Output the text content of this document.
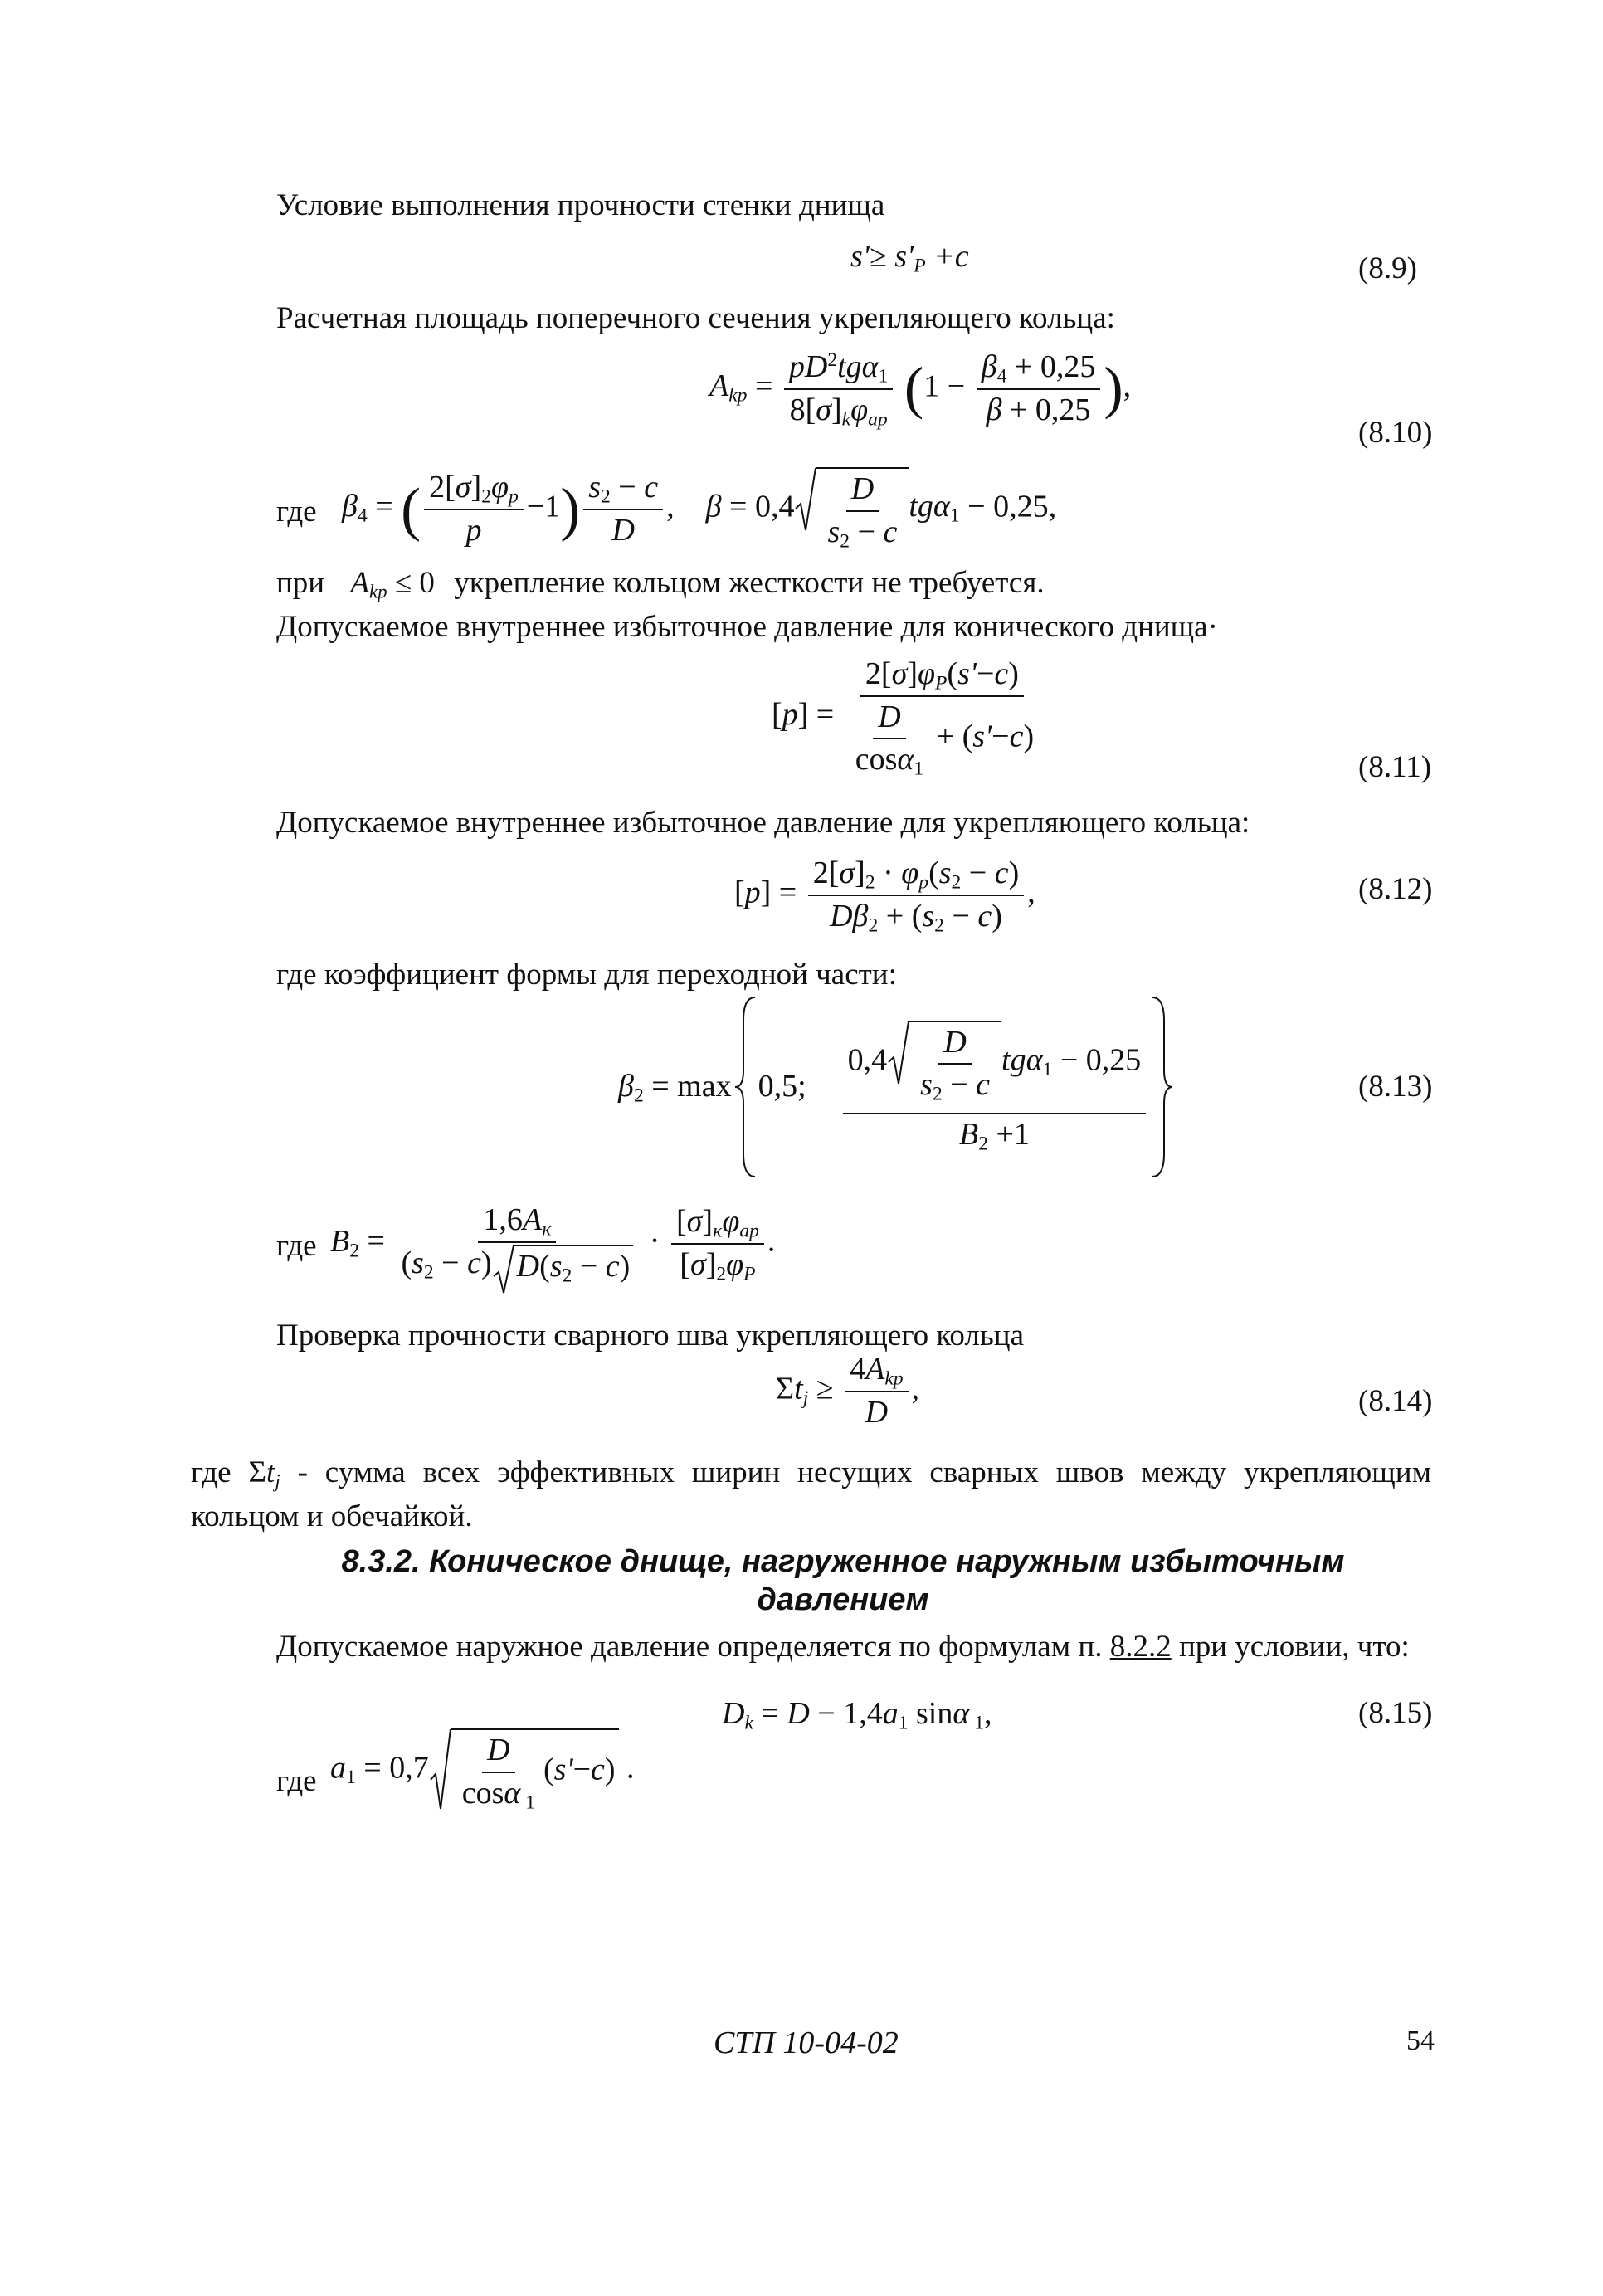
Условие выполнения прочности стенки днища
$s'\ge s'_P +c$	(8.9)
Расчетная площадь поперечного сечения укрепляющего кольца:
$A_{kp} = \frac{pD^2tg\alpha_1}{8[\sigma]_k\varphi_{ap}} (1 - \frac{\beta_4 + 0,25}{\beta + 0,25}$ ),
(8.10)
где $\beta_4$ = ( $\frac{2[\sigma]_2\varphi_p}{p} -1) \frac{s_2 - c}{D}$ ,    $\beta = 0,4 \frac{D}{s_2 - c} tg\alpha_1 - 0,25$,
при $A_{kp} \le 0$ укрепление кольцом жесткости не требуется.
Допускаемое внутреннее избыточное давление для конического днища·
$[p] = \frac{2[\sigma]\varphi_P(s'-c)}{\frac{D}{\cos\alpha_1} + (s'-c)}$	(8.11)
Допускаемое внутреннее избыточное давление для укрепляющего кольца:
$[p] = \frac{2[\sigma]_2 \cdot \varphi_p(s_2 - c)}{D\beta_2 + (s_2 - c)}$ ,	(8.12)
где коэффициент формы для переходной части:
$\beta_2 = \max 0,5$; $\frac{0,4 \frac{D}{s_2 - c} tg\alpha_1 - 0,25}{B_2 +1}$	(8.13)
где $B_2 = \frac{1,6A_\kappa}{(s_2 - c) D(s_2 - c)} \cdot \frac{[\sigma]_\kappa\varphi_{ap}}{[\sigma]_2\varphi_P}$ .
Проверка прочности сварного шва укрепляющего кольца
$\Sigma t_j \ge \frac{4A_{kp}}{D}$ ,	(8.14)
где $\Sigma t_j$ - сумма всех эффективных ширин несущих сварных швов между укрепляющим кольцом и обечайкой.
8.3.2. Коническое днище, нагруженное наружным избыточным
давлением
Допускаемое наружное давление определяется по формулам п. 8.2.2 при условии, что:
$D_k = D - 1,4a_1$ sinα $_1$,	(8.15)
где $a_1 = 0,7 \frac{D}{\cos\alpha _1} (s'-c)$ .
СТП 10-04-02	54
